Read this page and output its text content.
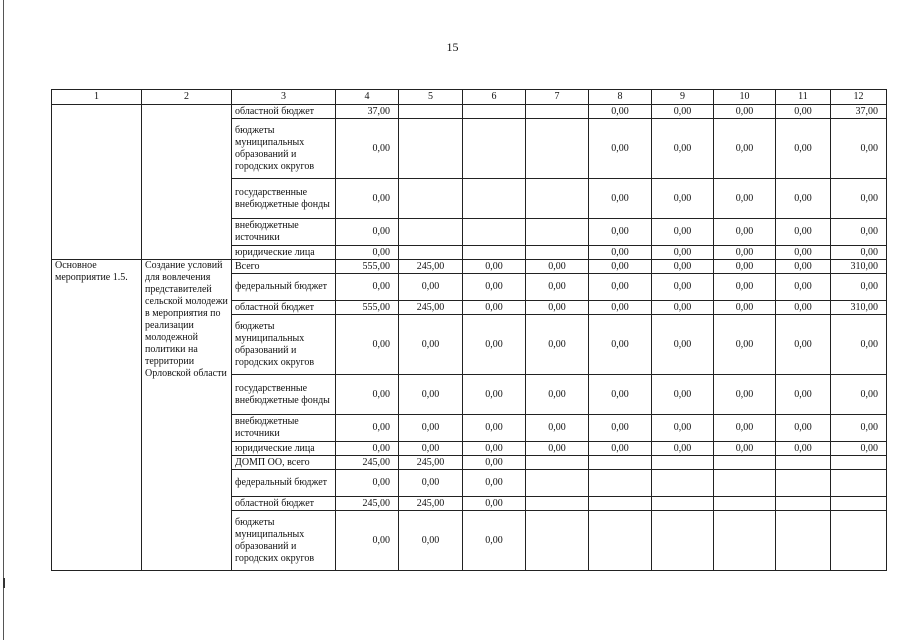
15
1	2	3	4	5	6	7	8	9	10	11	12
		областной бюджет	37,00				0,00	0,00	0,00	0,00	37,00
		бюджеты муниципальных образований и городских округов	0,00				0,00	0,00	0,00	0,00	0,00
		государственные внебюджетные фонды	0,00				0,00	0,00	0,00	0,00	0,00
		внебюджетные источники	0,00				0,00	0,00	0,00	0,00	0,00
		юридические лица	0,00				0,00	0,00	0,00	0,00	0,00
Основное мероприятие 1.5.	Создание условий для вовлечения представителей сельской молодежи в мероприятия по реализации молодежной политики на территории Орловской области	Всего	555,00	245,00	0,00	0,00	0,00	0,00	0,00	0,00	310,00
		федеральный бюджет	0,00	0,00	0,00	0,00	0,00	0,00	0,00	0,00	0,00
		областной бюджет	555,00	245,00	0,00	0,00	0,00	0,00	0,00	0,00	310,00
		бюджеты муниципальных образований и городских округов	0,00	0,00	0,00	0,00	0,00	0,00	0,00	0,00	0,00
		государственные внебюджетные фонды	0,00	0,00	0,00	0,00	0,00	0,00	0,00	0,00	0,00
		внебюджетные источники	0,00	0,00	0,00	0,00	0,00	0,00	0,00	0,00	0,00
		юридические лица	0,00	0,00	0,00	0,00	0,00	0,00	0,00	0,00	0,00
		ДОМП ОО, всего	245,00	245,00	0,00						
		федеральный бюджет	0,00	0,00	0,00						
		областной бюджет	245,00	245,00	0,00						
		бюджеты муниципальных образований и городских округов	0,00	0,00	0,00						
